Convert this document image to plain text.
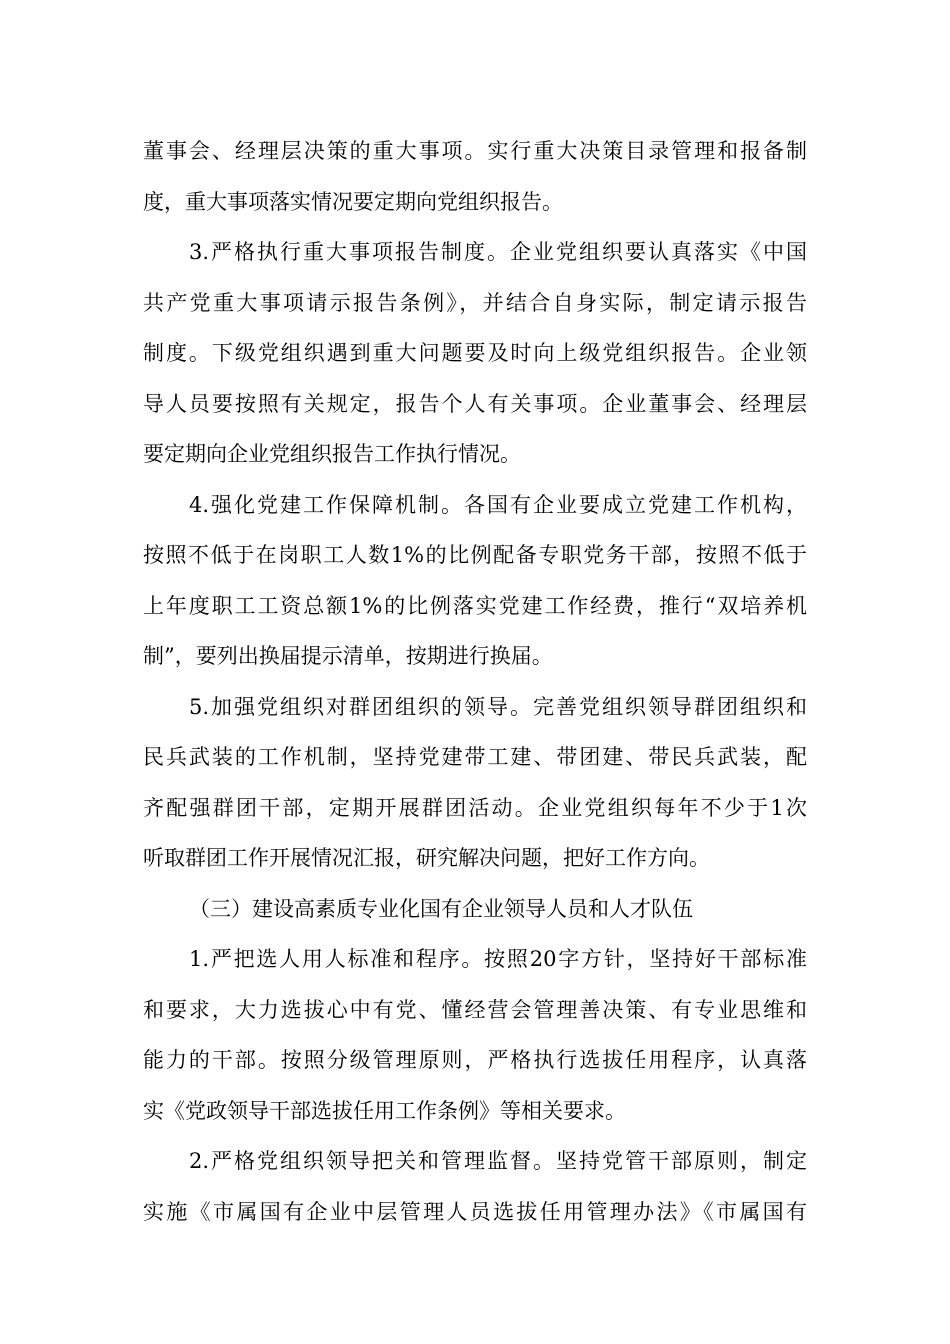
董事会、经理层决策的重大事项。实行重大决策目录管理和报备制
度，重大事项落实情况要定期向党组织报告。
3.严格执行重大事项报告制度。企业党组织要认真落实《中国
共产党重大事项请示报告条例》，并结合自身实际，制定请示报告
制度。下级党组织遇到重大问题要及时向上级党组织报告。企业领
导人员要按照有关规定，报告个人有关事项。企业董事会、经理层
要定期向企业党组织报告工作执行情况。
4.强化党建工作保障机制。各国有企业要成立党建工作机构，
按照不低于在岗职工人数1%的比例配备专职党务干部，按照不低于
上年度职工工资总额1%的比例落实党建工作经费，推行“双培养机
制”，要列出换届提示清单，按期进行换届。
5.加强党组织对群团组织的领导。完善党组织领导群团组织和
民兵武装的工作机制，坚持党建带工建、带团建、带民兵武装，配
齐配强群团干部，定期开展群团活动。企业党组织每年不少于1次
听取群团工作开展情况汇报，研究解决问题，把好工作方向。
（三）建设高素质专业化国有企业领导人员和人才队伍
1.严把选人用人标准和程序。按照20字方针，坚持好干部标准
和要求，大力选拔心中有党、懂经营会管理善决策、有专业思维和
能力的干部。按照分级管理原则，严格执行选拔任用程序，认真落
实《党政领导干部选拔任用工作条例》等相关要求。
2.严格党组织领导把关和管理监督。坚持党管干部原则，制定
实施《市属国有企业中层管理人员选拔任用管理办法》《市属国有
